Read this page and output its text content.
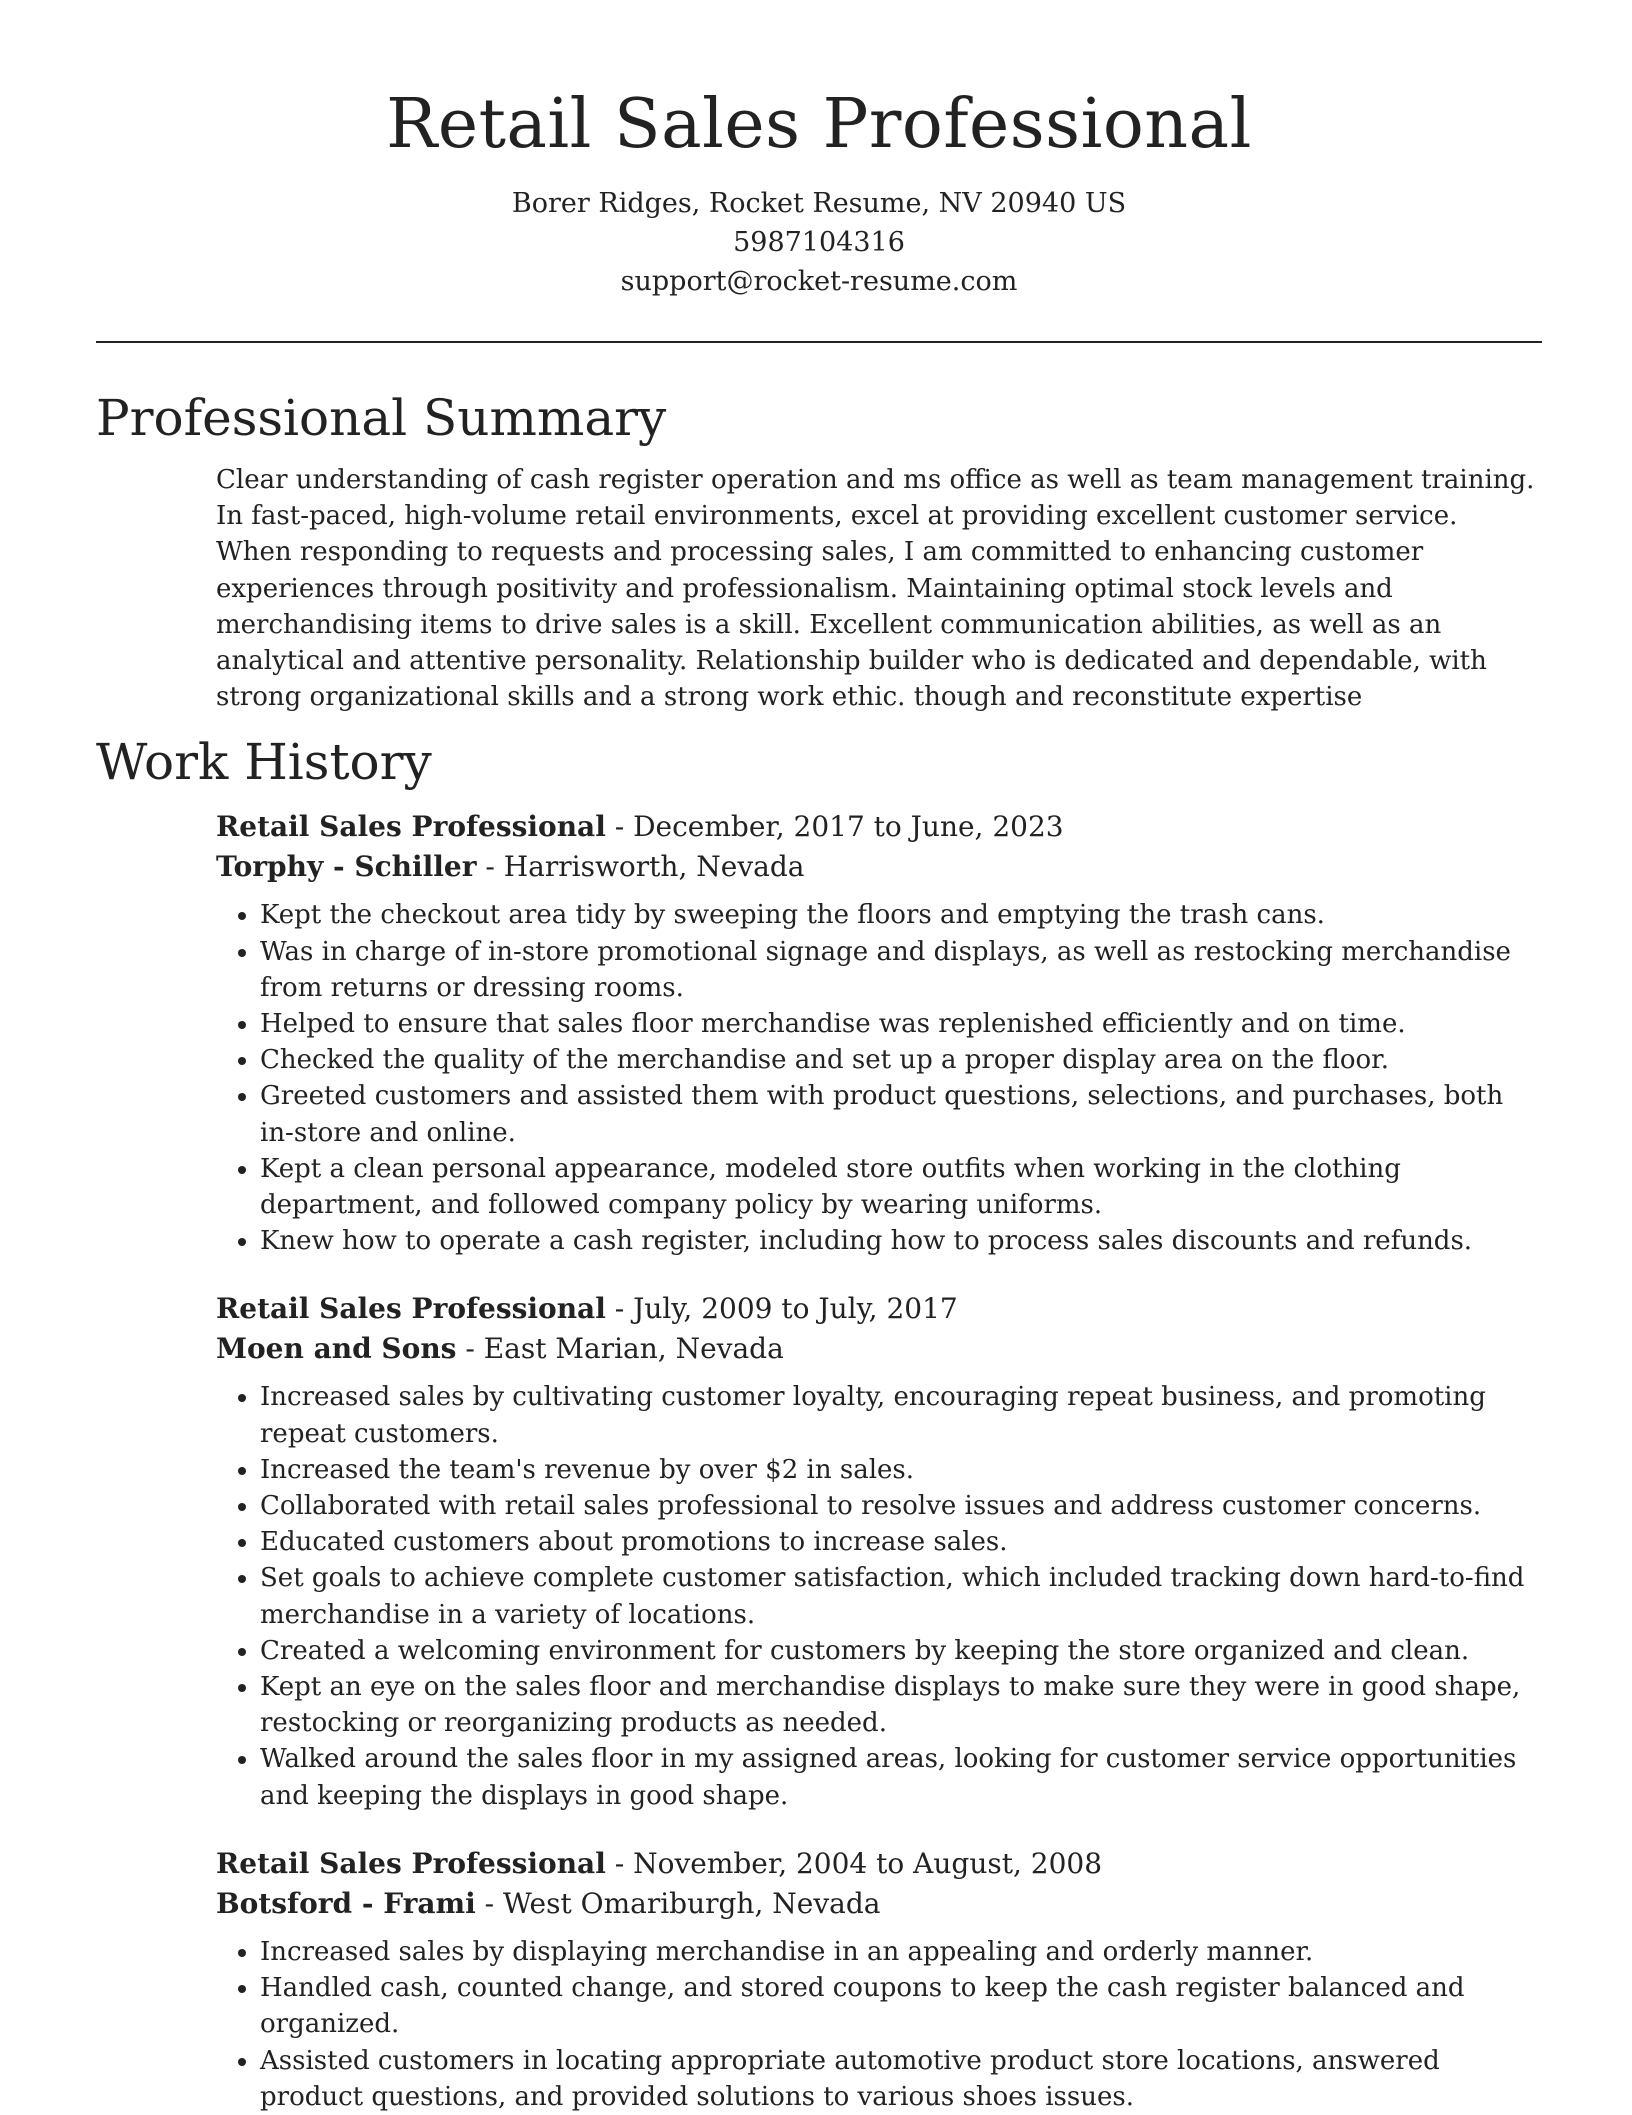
Retail Sales Professional
Borer Ridges, Rocket Resume, NV 20940 US
5987104316
support@rocket-resume.com
Professional Summary
Clear understanding of cash register operation and ms office as well as team management training. In fast-paced, high-volume retail environments, excel at providing excellent customer service. When responding to requests and processing sales, I am committed to enhancing customer experiences through positivity and professionalism. Maintaining optimal stock levels and merchandising items to drive sales is a skill. Excellent communication abilities, as well as an analytical and attentive personality. Relationship builder who is dedicated and dependable, with strong organizational skills and a strong work ethic. though and reconstitute expertise
Work History
Retail Sales Professional - December, 2017 to June, 2023
Torphy - Schiller - Harrisworth, Nevada
• Kept the checkout area tidy by sweeping the floors and emptying the trash cans.
• Was in charge of in-store promotional signage and displays, as well as restocking merchandise from returns or dressing rooms.
• Helped to ensure that sales floor merchandise was replenished efficiently and on time.
• Checked the quality of the merchandise and set up a proper display area on the floor.
• Greeted customers and assisted them with product questions, selections, and purchases, both in-store and online.
• Kept a clean personal appearance, modeled store outfits when working in the clothing department, and followed company policy by wearing uniforms.
• Knew how to operate a cash register, including how to process sales discounts and refunds.
Retail Sales Professional - July, 2009 to July, 2017
Moen and Sons - East Marian, Nevada
• Increased sales by cultivating customer loyalty, encouraging repeat business, and promoting repeat customers.
• Increased the team's revenue by over $2 in sales.
• Collaborated with retail sales professional to resolve issues and address customer concerns.
• Educated customers about promotions to increase sales.
• Set goals to achieve complete customer satisfaction, which included tracking down hard-to-find merchandise in a variety of locations.
• Created a welcoming environment for customers by keeping the store organized and clean.
• Kept an eye on the sales floor and merchandise displays to make sure they were in good shape, restocking or reorganizing products as needed.
• Walked around the sales floor in my assigned areas, looking for customer service opportunities and keeping the displays in good shape.
Retail Sales Professional - November, 2004 to August, 2008
Botsford - Frami - West Omariburgh, Nevada
• Increased sales by displaying merchandise in an appealing and orderly manner.
• Handled cash, counted change, and stored coupons to keep the cash register balanced and organized.
• Assisted customers in locating appropriate automotive product store locations, answered product questions, and provided solutions to various shoes issues.
